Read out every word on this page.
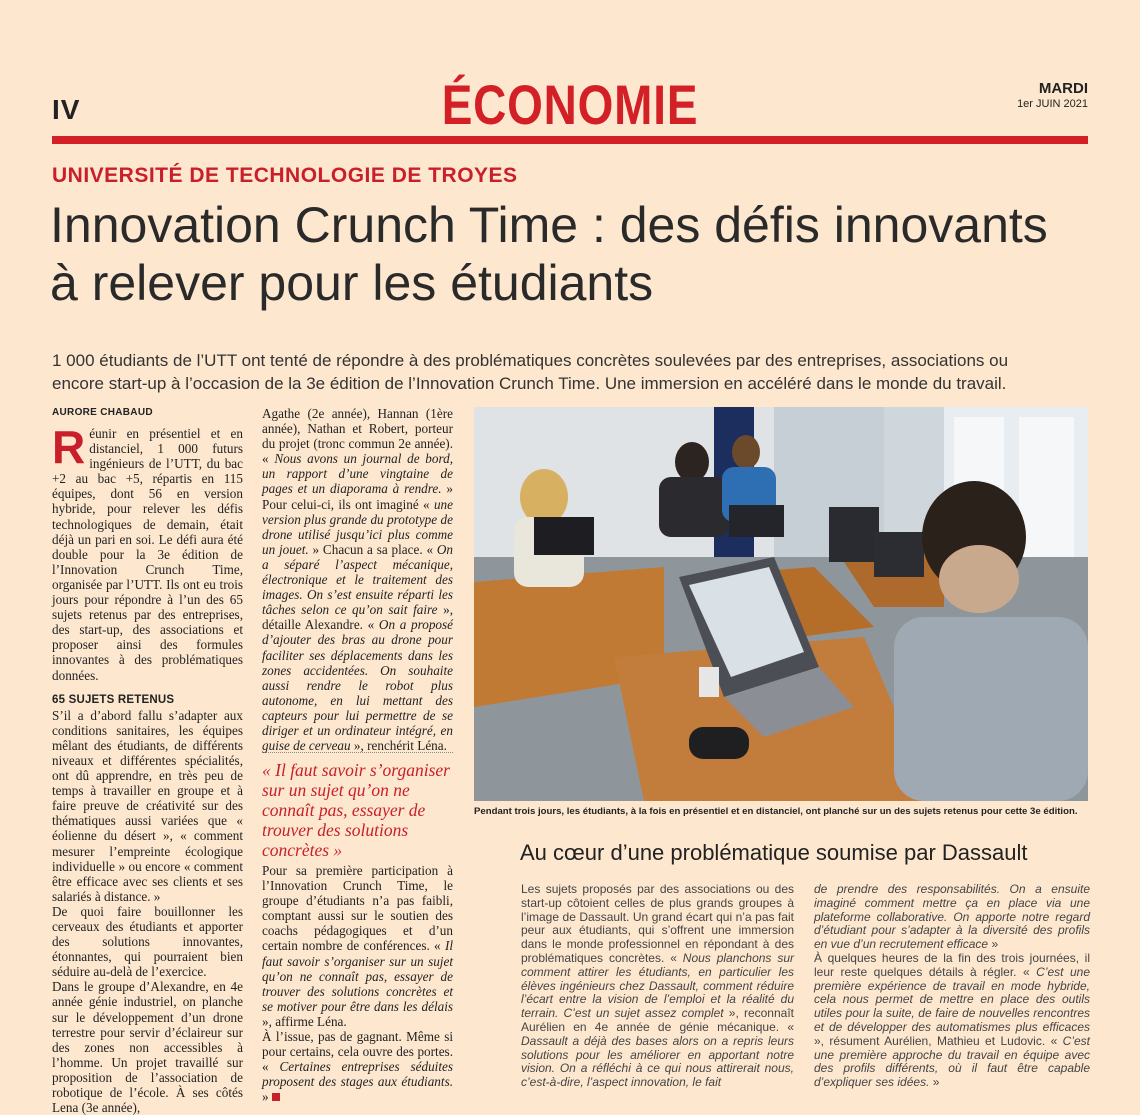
IV	ÉCONOMIE	MARDI
1er JUIN 2021
UNIVERSITÉ DE TECHNOLOGIE DE TROYES
Innovation Crunch Time : des défis innovants à relever pour les étudiants
1 000 étudiants de l’UTT ont tenté de répondre à des problématiques concrètes soulevées par des entreprises, associations ou encore start-up à l’occasion de la 3e édition de l’Innovation Crunch Time. Une immersion en accéléré dans le monde du travail.
AURORE CHABAUD

Réunir en présentiel et en distanciel, 1 000 futurs ingénieurs de l’UTT, du bac +2 au bac +5, répartis en 115 équipes, dont 56 en version hybride, pour relever les défis technologiques de demain, était déjà un pari en soi. Le défi aura été double pour la 3e édition de l’Innovation Crunch Time, organisée par l’UTT. Ils ont eu trois jours pour répondre à l’un des 65 sujets retenus par des entreprises, des start-up, des associations et proposer ainsi des formules innovantes à des problématiques données.

65 SUJETS RETENUS

S’il a d’abord fallu s’adapter aux conditions sanitaires, les équipes mêlant des étudiants, de différents niveaux et différentes spécialités, ont dû apprendre, en très peu de temps à travailler en groupe et à faire preuve de créativité sur des thématiques aussi variées que « éolienne du désert », « comment mesurer l’empreinte écologique individuelle » ou encore « comment être efficace avec ses clients et ses salariés à distance. »

De quoi faire bouillonner les cerveaux des étudiants et apporter des solutions innovantes, étonnantes, qui pourraient bien séduire au-delà de l’exercice.

Dans le groupe d’Alexandre, en 4e année génie industriel, on planche sur le développement d’un drone terrestre pour servir d’éclaireur sur des zones non accessibles à l’homme. Un projet travaillé sur proposition de l’association de robotique de l’école. À ses côtés Lena (3e année),

Agathe (2e année), Hannan (1ère année), Nathan et Robert, porteur du projet (tronc commun 2e année). « Nous avons un journal de bord, un rapport d’une vingtaine de pages et un diaporama à rendre. » Pour celui-ci, ils ont imaginé « une version plus grande du prototype de drone utilisé jusqu’ici plus comme un jouet. » Chacun a sa place. « On a séparé l’aspect mécanique, électronique et le traitement des images. On s’est ensuite réparti les tâches selon ce qu’on sait faire », détaille Alexandre. « On a proposé d’ajouter des bras au drone pour faciliter ses déplacements dans les zones accidentées. On souhaite aussi rendre le robot plus autonome, en lui mettant des capteurs pour lui permettre de se diriger et un ordinateur intégré, en guise de cerveau », renchérit Léna.

« Il faut savoir s’organiser sur un sujet qu’on ne connaît pas, essayer de trouver des solutions concrètes »

Pour sa première participation à l’Innovation Crunch Time, le groupe d’étudiants n’a pas faibli, comptant aussi sur le soutien des coachs pédagogiques et d’un certain nombre de conférences. « Il faut savoir s’organiser sur un sujet qu’on ne connaît pas, essayer de trouver des solutions concrètes et se motiver pour être dans les délais », affirme Léna.

À l’issue, pas de gagnant. Même si pour certains, cela ouvre des portes. « Certaines entreprises séduites proposent des stages aux étudiants. »

Pendant trois jours, les étudiants, à la fois en présentiel et en distanciel, ont planché sur un des sujets retenus pour cette 3e édition.
Au cœur d’une problématique soumise par Dassault

Les sujets proposés par des associations ou des start-up côtoient celles de plus grands groupes à l’image de Dassault. Un grand écart qui n’a pas fait peur aux étudiants, qui s’offrent une immersion dans le monde professionnel en répondant à des problématiques concrètes. « Nous planchons sur comment attirer les étudiants, en particulier les élèves ingénieurs chez Dassault, comment réduire l’écart entre la vision de l’emploi et la réalité du terrain. C’est un sujet assez complet », reconnaît Aurélien en 4e année de génie mécanique. « Dassault a déjà des bases alors on a repris leurs solutions pour les améliorer en apportant notre vision. On a réfléchi à ce qui nous attirerait nous, c’est-à-dire, l’aspect innovation, le fait

de prendre des responsabilités. On a ensuite imaginé comment mettre ça en place via une plateforme collaborative. On apporte notre regard d’étudiant pour s’adapter à la diversité des profils en vue d’un recrutement efficace »

À quelques heures de la fin des trois journées, il leur reste quelques détails à régler. « C’est une première expérience de travail en mode hybride, cela nous permet de mettre en place des outils utiles pour la suite, de faire de nouvelles rencontres et de développer des automatismes plus efficaces », résument Aurélien, Mathieu et Ludovic. « C’est une première approche du travail en équipe avec des profils différents, où il faut être capable d’expliquer ses idées. »
